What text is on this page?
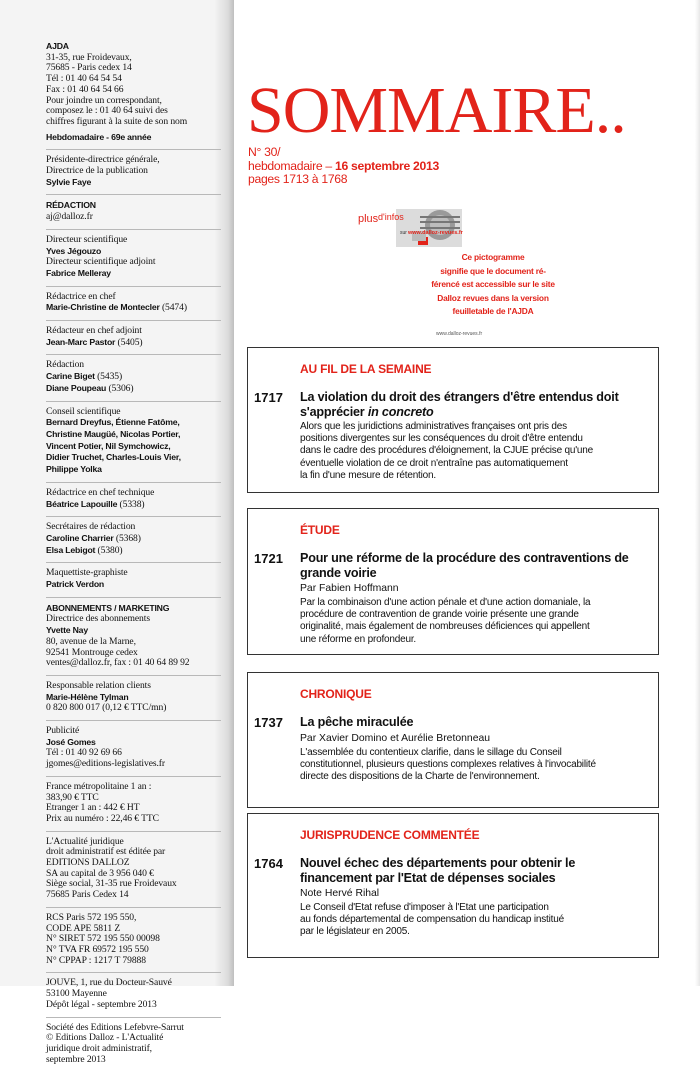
AJDA
31-35, rue Froidevaux,
75685 - Paris cedex 14
Tél : 01 40 64 54 54
Fax : 01 40 64 54 66
Pour joindre un correspondant,
composez le : 01 40 64 suivi des
chiffres figurant à la suite de son nom
Hebdomadaire - 69e année
Présidente-directrice générale,
Directrice de la publication
Sylvie Faye
RÉDACTION
aj@dalloz.fr
Directeur scientifique
Yves Jégouzo
Directeur scientifique adjoint
Fabrice Melleray
Rédactrice en chef
Marie-Christine de Montecler (5474)
Rédacteur en chef adjoint
Jean-Marc Pastor (5405)
Rédaction
Carine Biget (5435)
Diane Poupeau (5306)
Conseil scientifique
Bernard Dreyfus, Étienne Fatôme,
Christine Maugüé, Nicolas Portier,
Vincent Potier, Nil Symchowicz,
Didier Truchet, Charles-Louis Vier,
Philippe Yolka
Rédactrice en chef technique
Béatrice Lapouille (5338)
Secrétaires de rédaction
Caroline Charrier (5368)
Elsa Lebigot (5380)
Maquettiste-graphiste
Patrick Verdon
ABONNEMENTS / MARKETING
Directrice des abonnements
Yvette Nay
80, avenue de la Marne,
92541 Montrouge cedex
ventes@dalloz.fr, fax : 01 40 64 89 92
Responsable relation clients
Marie-Hélène Tylman
0 820 800 017 (0,12 € TTC/mn)
Publicité
José Gomes
Tél : 01 40 92 69 66
jgomes@editions-legislatives.fr
France métropolitaine 1 an :
383,90 € TTC
Etranger 1 an : 442 € HT
Prix au numéro : 22,46 € TTC
L'Actualité juridique
droit administratif est éditée par
EDITIONS DALLOZ
SA au capital de 3 956 040 €
Siège social, 31-35 rue Froidevaux
75685 Paris Cedex 14
RCS Paris 572 195 550,
CODE APE 5811 Z
N° SIRET 572 195 550 00098
N° TVA FR 69572 195 550
N° CPPAP : 1217 T 79888
JOUVE, 1, rue du Docteur-Sauvé
53100 Mayenne
Dépôt légal - septembre 2013
Société des Editions Lefebvre-Sarrut
© Editions Dalloz - L'Actualité
juridique droit administratif,
septembre 2013
SOMMAIRE..
N° 30/
hebdomadaire – 16 septembre 2013
pages 1713 à 1768
plus d'infos
sur www.dalloz-revues.fr
Ce pictogramme
signifie que le document ré-
férencé est accessible sur le site
Dalloz revues dans la version
feuilletable de l'AJDA
www.dalloz-revues.fr
AU FIL DE LA SEMAINE
1717 La violation du droit des étrangers d'être entendus doit s'apprécier in concreto
Alors que les juridictions administratives françaises ont pris des
positions divergentes sur les conséquences du droit d'être entendu
dans le cadre des procédures d'éloignement, la CJUE précise qu'une
éventuelle violation de ce droit n'entraîne pas automatiquement
la fin d'une mesure de rétention.
ÉTUDE
1721 Pour une réforme de la procédure des contraventions de grande voirie
Par Fabien Hoffmann
Par la combinaison d'une action pénale et d'une action domaniale, la
procédure de contravention de grande voirie présente une grande
originalité, mais également de nombreuses déficiences qui appellent
une réforme en profondeur.
CHRONIQUE
1737 La pêche miraculée
Par Xavier Domino et Aurélie Bretonneau
L'assemblée du contentieux clarifie, dans le sillage du Conseil
constitutionnel, plusieurs questions complexes relatives à l'invocabilité
directe des dispositions de la Charte de l'environnement.
JURISPRUDENCE COMMENTÉE
1764 Nouvel échec des départements pour obtenir le financement par l'Etat de dépenses sociales
Note Hervé Rihal
Le Conseil d'Etat refuse d'imposer à l'Etat une participation
au fonds départemental de compensation du handicap institué
par le législateur en 2005.
